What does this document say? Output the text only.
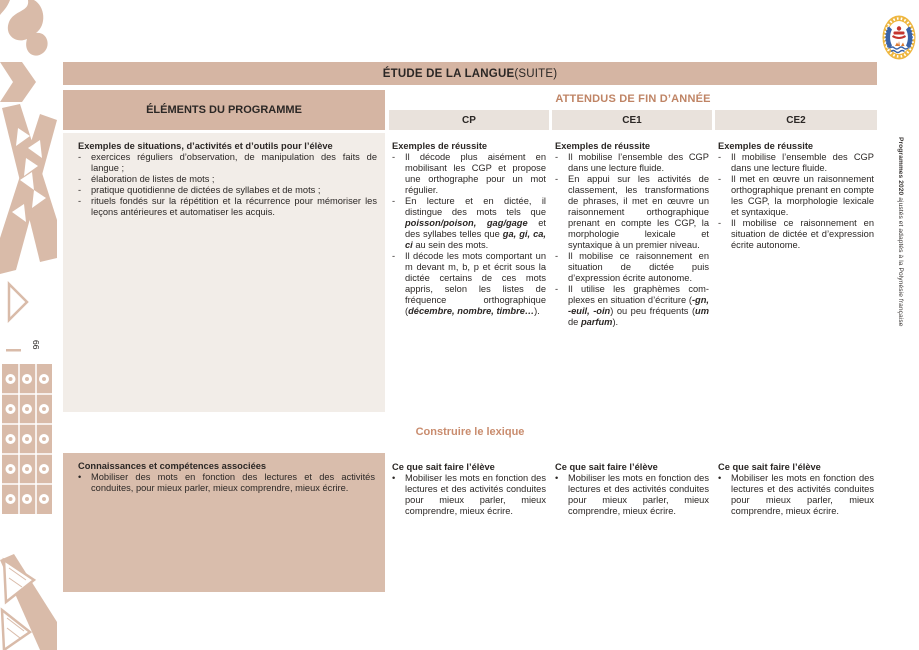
66
Programmes 2020 ajustés et adaptés à la Polynésie française
ÉTUDE DE LA LANGUE (SUITE)
ÉLÉMENTS DU PROGRAMME
ATTENDUS DE FIN D’ANNÉE
CP	CE1	CE2
Exemples de situations, d’activités et d’outils pour l’élève
-	exercices réguliers d’observation, de manipulation des faits de langue ;
-	élaboration de listes de mots ;
-	pratique quotidienne de dictées de syllabes et de mots ;
-	rituels fondés sur la répétition et la récurrence pour mémoriser les leçons antérieures et automatiser les acquis.
Exemples de réussite
-	Il décode plus aisément en mobilisant les CGP et propose une orthographe pour un mot régulier.
-	En lecture et en dictée, il distingue des mots tels que poisson/poison, gag/gage et des syllabes telles que ga, gi, ca, ci au sein des mots.
-	Il décode les mots comportant un m devant m, b, p et écrit sous la dictée certains de ces mots appris, selon les listes de fréquence orthographique (décembre, nombre, timbre…).
Exemples de réussite
-	Il mobilise l’ensemble des CGP dans une lecture fluide.
-	En appui sur les activités de classement, les transformations de phrases, il met en œuvre un raisonnement orthographique prenant en compte les CGP, la morphologie lexicale et syntaxique à un premier niveau.
-	Il mobilise ce raisonnement en situation de dictée puis d’expression écrite autonome.
-	Il utilise les graphèmes complexes en situation d’écriture (-gn, -euil, -oin) ou peu fréquents (um de parfum).
Exemples de réussite
-	Il mobilise l’ensemble des CGP dans une lecture fluide.
-	Il met en œuvre un raisonnement orthographique prenant en compte les CGP, la morphologie lexicale et syntaxique.
-	Il mobilise ce raisonnement en situation de dictée et d’expression écrite autonome.
Construire le lexique
Connaissances et compétences associées
•	Mobiliser des mots en fonction des lectures et des activités conduites, pour mieux parler, mieux comprendre, mieux écrire.
Ce que sait faire l’élève
•	Mobiliser les mots en fonction des lectures et des activités conduites pour mieux parler, mieux comprendre, mieux écrire.
Ce que sait faire l’élève
•	Mobiliser les mots en fonction des lectures et des activités conduites pour mieux parler, mieux comprendre, mieux écrire.
Ce que sait faire l’élève
•	Mobiliser les mots en fonction des lectures et des activités conduites pour mieux parler, mieux comprendre, mieux écrire.
